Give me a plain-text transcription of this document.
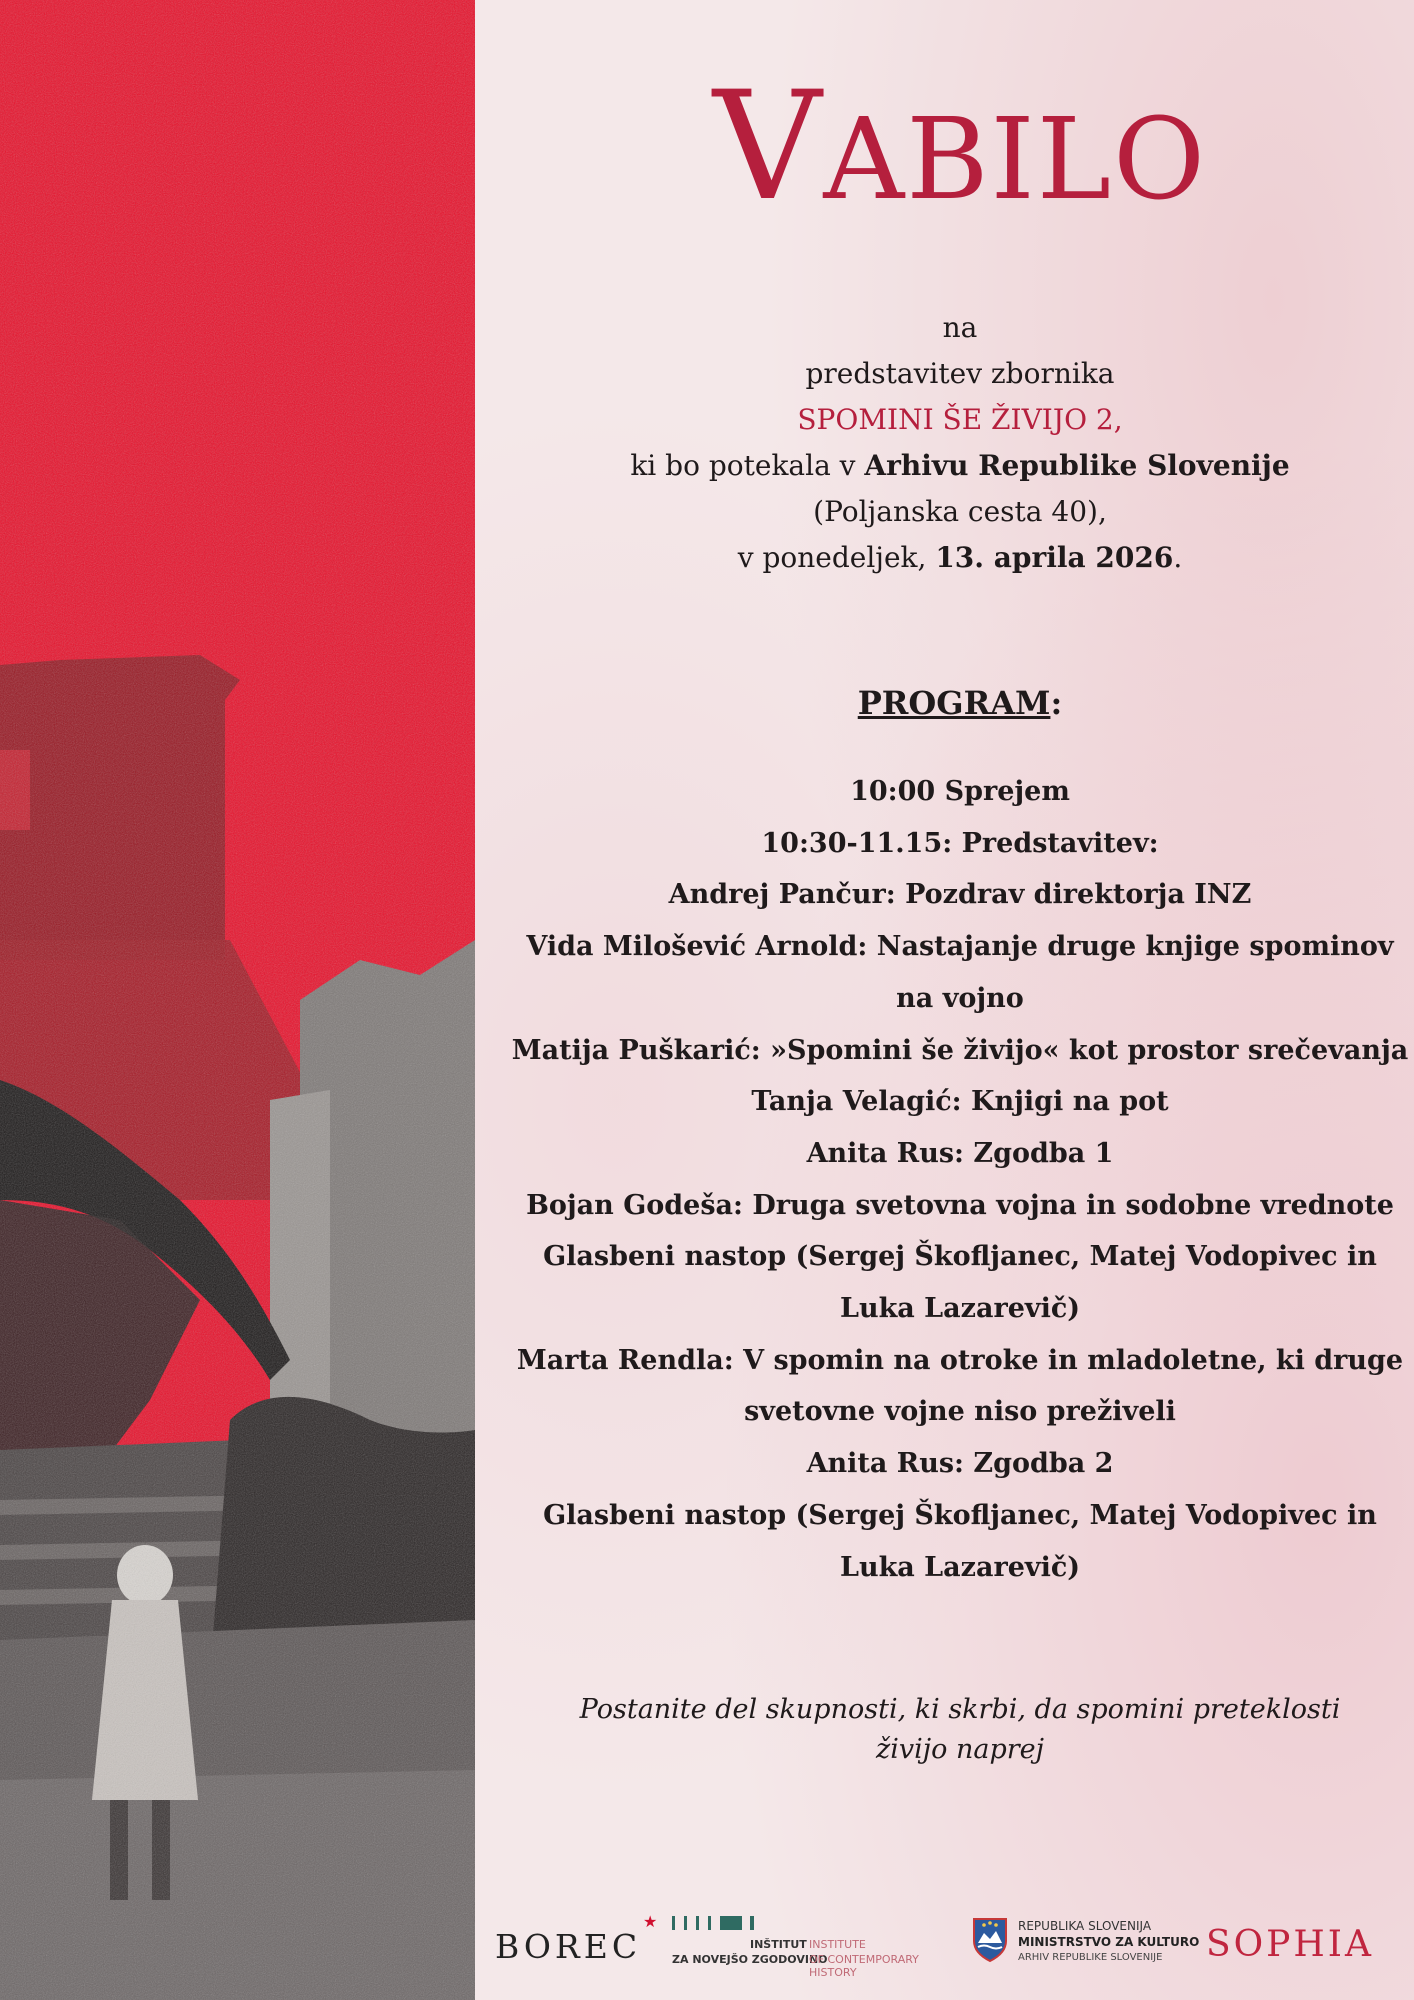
VABILO
na
predstavitev zbornika
SPOMINI ŠE ŽIVIJO 2,
ki bo potekala v Arhivu Republike Slovenije
(Poljanska cesta 40),
v ponedeljek, 13. aprila 2026.
PROGRAM:
10:00 Sprejem
10:30-11.15: Predstavitev:
Andrej Pančur: Pozdrav direktorja INZ
Vida Milošević Arnold: Nastajanje druge knjige spominov
na vojno
Matija Puškarić: »Spomini še živijo« kot prostor srečevanja
Tanja Velagić: Knjigi na pot
Anita Rus: Zgodba 1
Bojan Godeša: Druga svetovna vojna in sodobne vrednote
Glasbeni nastop (Sergej Škofljanec, Matej Vodopivec in
Luka Lazarevič)
Marta Rendla: V spomin na otroke in mladoletne, ki druge
svetovne vojne niso preživeli
Anita Rus: Zgodba 2
Glasbeni nastop (Sergej Škofljanec, Matej Vodopivec in
Luka Lazarevič)
Postanite del skupnosti, ki skrbi, da spomini preteklosti
živijo naprej
BOREC
★
INŠTITUT
ZA NOVEJŠO ZGODOVINO
INSTITUTE
OF CONTEMPORARY HISTORY
REPUBLIKA SLOVENIJA
MINISTRSTVO ZA KULTURO
ARHIV REPUBLIKE SLOVENIJE SOPHIA
